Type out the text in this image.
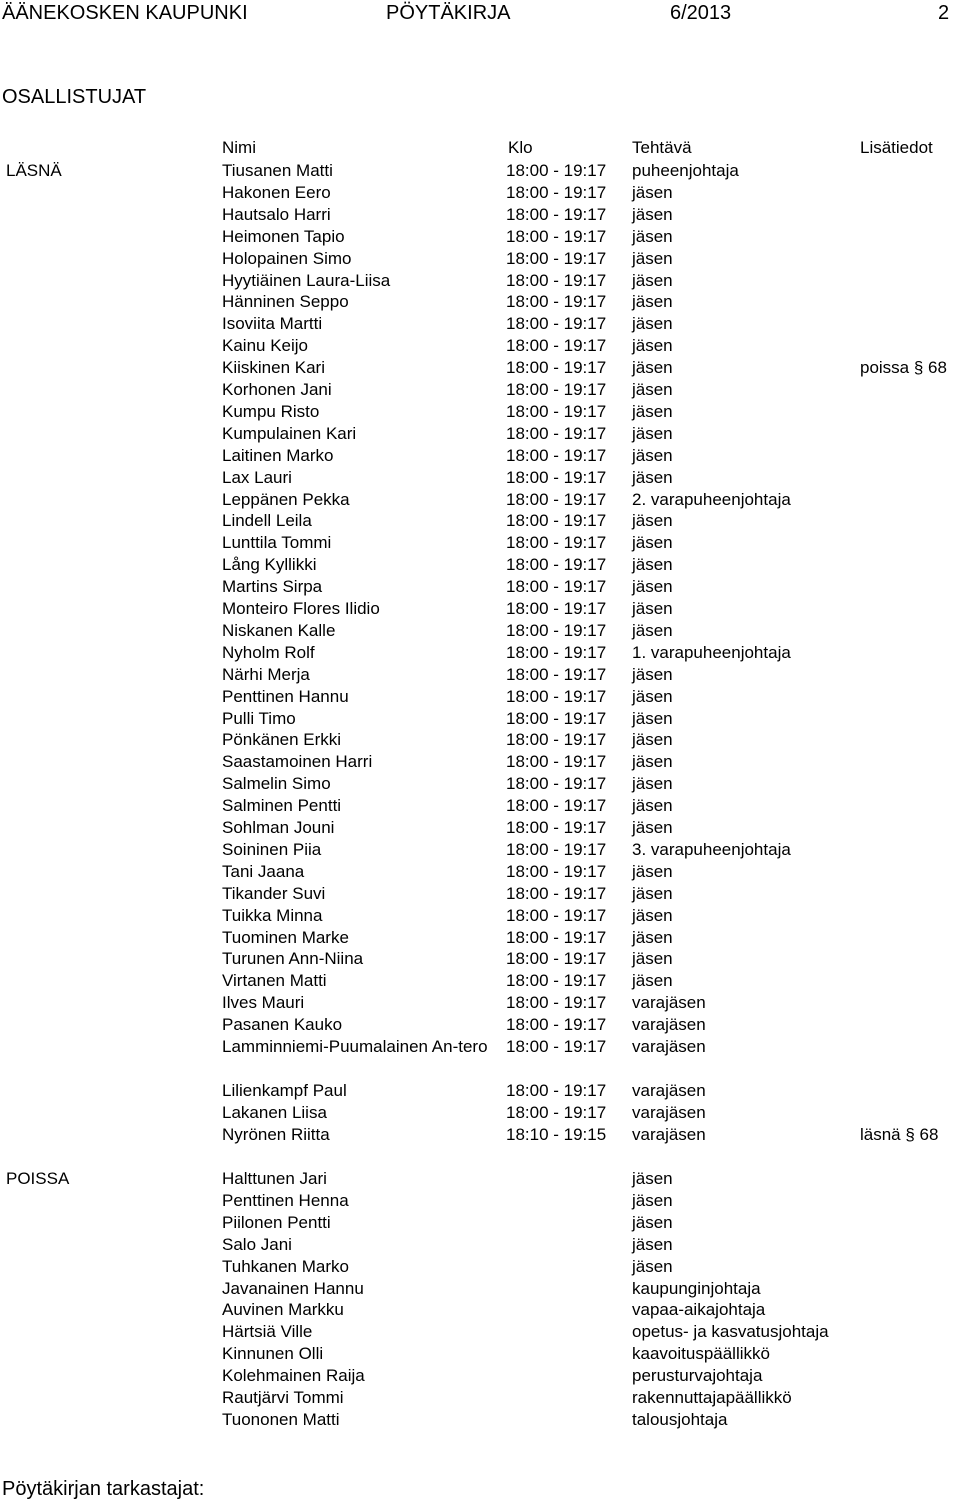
ÄÄNEKOSKEN KAUPUNKI	PÖYTÄKIRJA	6/2013	2
OSALLISTUJAT
Nimi	Klo	Tehtävä	Lisätiedot
LÄSNÄ	Tiusanen Matti	18:00 - 19:17 puheenjohtaja
Hakonen Eero	18:00 - 19:17 jäsen
Hautsalo Harri	18:00 - 19:17 jäsen
Heimonen Tapio	18:00 - 19:17 jäsen
Holopainen Simo	18:00 - 19:17 jäsen
Hyytiäinen Laura-Liisa	18:00 - 19:17 jäsen
Hänninen Seppo	18:00 - 19:17 jäsen
Isoviita Martti	18:00 - 19:17 jäsen
Kainu Keijo	18:00 - 19:17 jäsen
Kiiskinen Kari	18:00 - 19:17 jäsen	poissa § 68
Korhonen Jani	18:00 - 19:17 jäsen
Kumpu Risto	18:00 - 19:17 jäsen
Kumpulainen Kari	18:00 - 19:17 jäsen
Laitinen Marko	18:00 - 19:17 jäsen
Lax Lauri	18:00 - 19:17 jäsen
Leppänen Pekka	18:00 - 19:17 2. varapuheenjohtaja
Lindell Leila	18:00 - 19:17 jäsen
Lunttila Tommi	18:00 - 19:17 jäsen
Lång Kyllikki	18:00 - 19:17 jäsen
Martins Sirpa	18:00 - 19:17 jäsen
Monteiro Flores Ilidio	18:00 - 19:17 jäsen
Niskanen Kalle	18:00 - 19:17 jäsen
Nyholm Rolf	18:00 - 19:17 1. varapuheenjohtaja
Närhi Merja	18:00 - 19:17 jäsen
Penttinen Hannu	18:00 - 19:17 jäsen
Pulli Timo	18:00 - 19:17 jäsen
Pönkänen Erkki	18:00 - 19:17 jäsen
Saastamoinen Harri	18:00 - 19:17 jäsen
Salmelin Simo	18:00 - 19:17 jäsen
Salminen Pentti	18:00 - 19:17 jäsen
Sohlman Jouni	18:00 - 19:17 jäsen
Soininen Piia	18:00 - 19:17 3. varapuheenjohtaja
Tani Jaana	18:00 - 19:17 jäsen
Tikander Suvi	18:00 - 19:17 jäsen
Tuikka Minna	18:00 - 19:17 jäsen
Tuominen Marke	18:00 - 19:17 jäsen
Turunen Ann-Niina	18:00 - 19:17 jäsen
Virtanen Matti	18:00 - 19:17 jäsen
Ilves Mauri	18:00 - 19:17 varajäsen
Pasanen Kauko	18:00 - 19:17 varajäsen
Lamminniemi-Puumalainen An-tero 18:00 - 19:17 varajäsen
Lilienkampf Paul	18:00 - 19:17 varajäsen
Lakanen Liisa	18:00 - 19:17 varajäsen
Nyrönen Riitta	18:10 - 19:15 varajäsen	läsnä § 68
POISSA	Halttunen Jari	jäsen
Penttinen Henna	jäsen
Piilonen Pentti	jäsen
Salo Jani	jäsen
Tuhkanen Marko	jäsen
Javanainen Hannu	kaupunginjohtaja
Auvinen Markku	vapaa-aikajohtaja
Härtsiä Ville	opetus- ja kasvatusjohtaja
Kinnunen Olli	kaavoituspäällikkö
Kolehmainen Raija	perusturvajohtaja
Rautjärvi Tommi	rakennuttajapäällikkö
Tuononen Matti	talousjohtaja
Pöytäkirjan tarkastajat:
